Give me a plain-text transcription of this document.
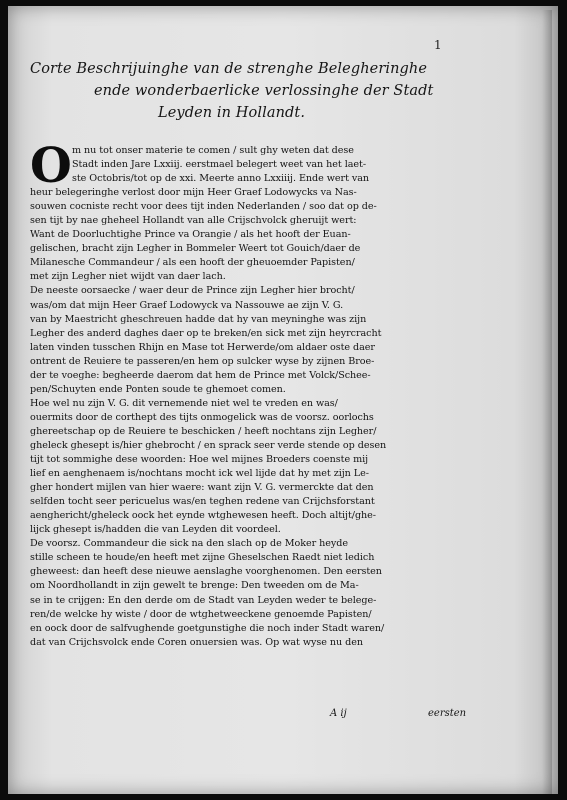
1
Corte Beschrijuinghe van de strenghe Belegheringhe
ende wonderbaerlicke verlossinghe der Stadt
Leyden in Hollandt.
O m nu tot onser materie te comen / sult ghy weten dat dese
Stadt inden Jare Lxxiij. eerstmael belegert weet van het laet-
ste Octobris/tot op de xxi. Meerte anno Lxxiiij. Ende wert van
heur belegeringhe verlost door mijn Heer Graef Lodowycks va Nas-
souwen cocniste recht voor dees tijt inden Nederlanden / soo dat op de-
sen tijt by nae gheheel Hollandt van alle Crijschvolck gheruijt wert:
Want de Doorluchtighe Prince va Orangie / als het hooft der Euan-
gelischen, bracht zijn Legher in Bommeler Weert tot Gouich/daer de
Milanesche Commandeur / als een hooft der gheuoemder Papisten/
met zijn Legher niet wijdt van daer lach.
De neeste oorsaecke / waer deur de Prince zijn Legher hier brocht/
was/om dat mijn Heer Graef Lodowyck va Nassouwe ae zijn V. G.
van by Maestricht gheschreuen hadde dat hy van meyninghe was zijn
Legher des anderd daghes daer op te breken/en sick met zijn heyrcracht
laten vinden tusschen Rhijn en Mase tot Herwerde/om aldaer oste daer
ontrent de Reuiere te passeren/en hem op sulcker wyse by zijnen Broe-
der te voeghe: begheerde daerom dat hem de Prince met Volck/Schee-
pen/Schuyten ende Ponten soude te ghemoet comen.
Hoe wel nu zijn V. G. dit vernemende niet wel te vreden en was/
ouermits door de corthept des tijts onmogelick was de voorsz. oorlochs
ghereetschap op de Reuiere te beschicken / heeft nochtans zijn Legher/
gheleck ghesept is/hier ghebrocht / en sprack seer verde stende op desen
tijt tot sommighe dese woorden: Hoe wel mijnes Broeders coenste mij
lief en aenghenaem is/nochtans mocht ick wel lijde dat hy met zijn Le-
gher hondert mijlen van hier waere: want zijn V. G. vermerckte dat den
selfden tocht seer pericuelus was/en teghen redene van Crijchsforstant
aenghericht/gheleck oock het eynde wtghewesen heeft. Doch altijt/ghe-
lijck ghesept is/hadden die van Leyden dit voordeel.
De voorsz. Commandeur die sick na den slach op de Moker heyde
stille scheen te houde/en heeft met zijne Gheselschen Raedt niet ledich
gheweest: dan heeft dese nieuwe aenslaghe voorghenomen. Den eersten
om Noordhollandt in zijn gewelt te brenge: Den tweeden om de Ma-
se in te crijgen: En den derde om de Stadt van Leyden weder te belege-
ren/de welcke hy wiste / door de wtghetweeckene genoemde Papisten/
en oock door de salfvughende goetgunstighe die noch inder Stadt waren/
dat van Crijchsvolck ende Coren onuersien was. Op wat wyse nu den
A ij	eersten
